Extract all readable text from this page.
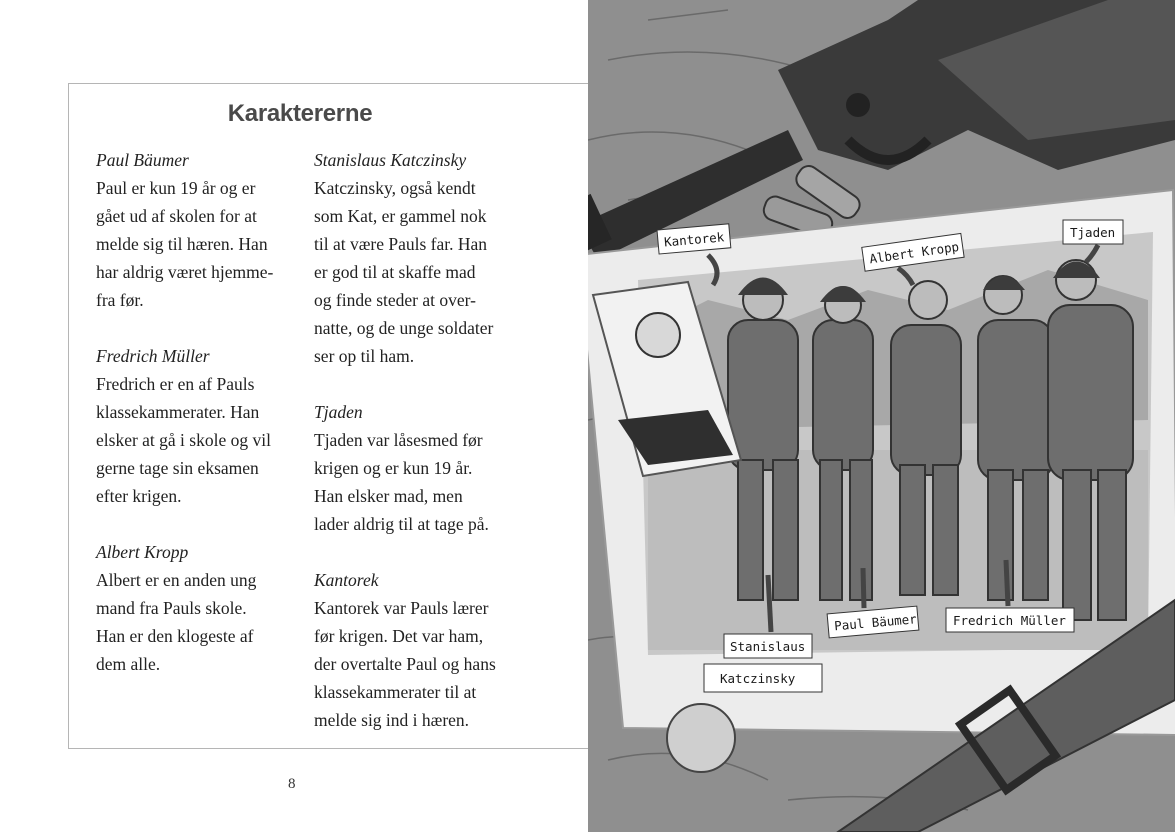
Karaktererne
Paul Bäumer
Paul er kun 19 år og er
gået ud af skolen for at
melde sig til hæren. Han
har aldrig været hjemme-
fra før.
Fredrich Müller
Fredrich er en af Pauls
klassekammerater. Han
elsker at gå i skole og vil
gerne tage sin eksamen
efter krigen.
Albert Kropp
Albert er en anden ung
mand fra Pauls skole.
Han er den klogeste af
dem alle.
Stanislaus Katczinsky
Katczinsky, også kendt
som Kat, er gammel nok
til at være Pauls far. Han
er god til at skaffe mad
og finde steder at over-
natte, og de unge soldater
ser op til ham.
Tjaden
Tjaden var låsesmed før
krigen og er kun 19 år.
Han elsker mad, men
lader aldrig til at tage på.
Kantorek
Kantorek var Pauls lærer
før krigen. Det var ham,
der overtalte Paul og hans
klassekammerater til at
melde sig ind i hæren.
8
Kantorek	Albert Kropp
Tjaden
Stanislaus
Katczinsky
Paul Bäumer	Fredrich Müller
